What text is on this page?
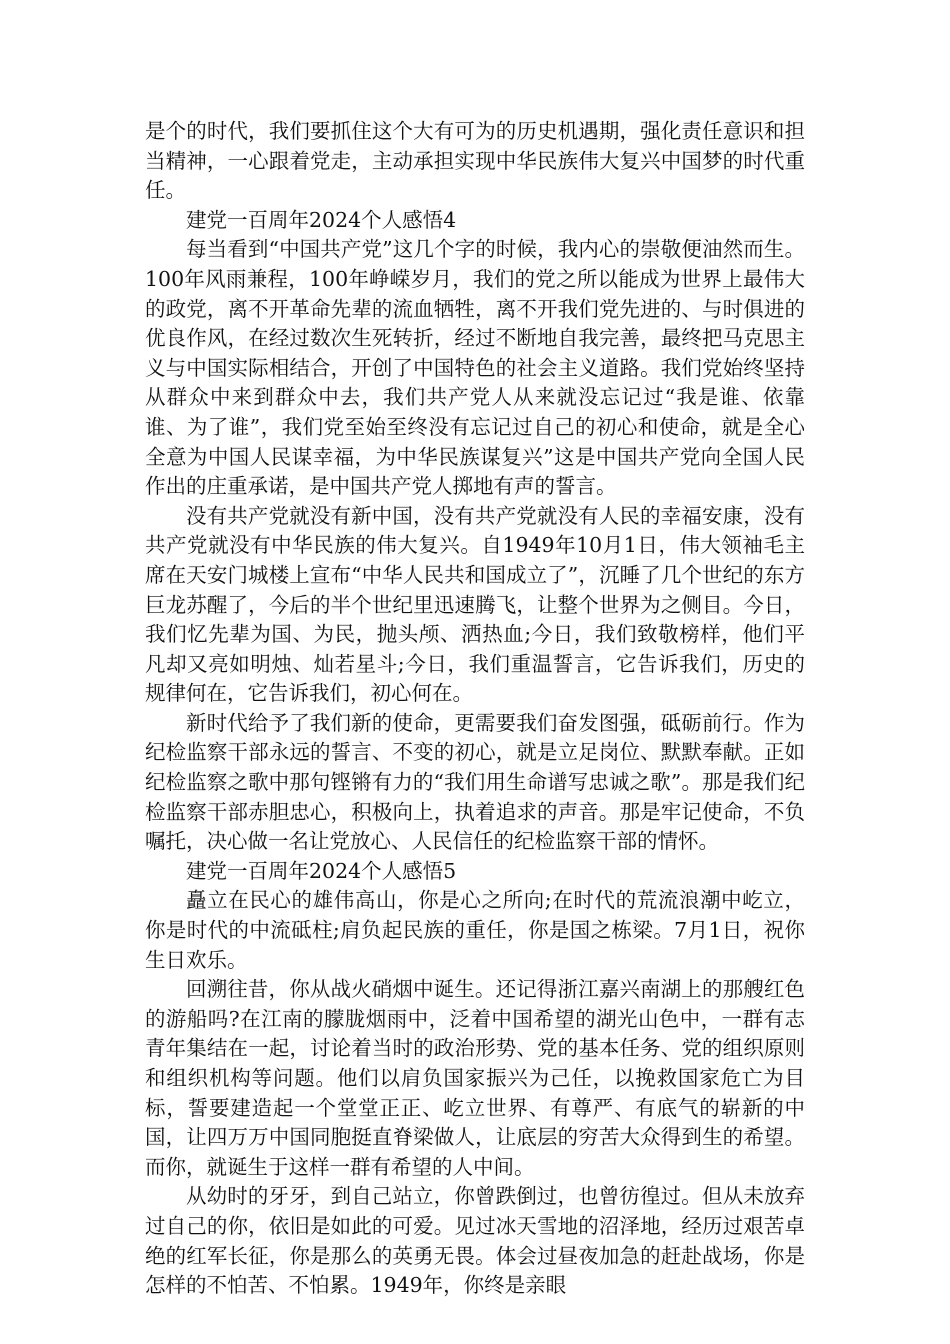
是个的时代，我们要抓住这个大有可为的历史机遇期，强化责任意识和担当精神，一心跟着党走，主动承担实现中华民族伟大复兴中国梦的时代重任。

建党一百周年2024个人感悟4

每当看到“中国共产党”这几个字的时候，我内心的崇敬便油然而生。100年风雨兼程，100年峥嵘岁月，我们的党之所以能成为世界上最伟大的政党，离不开革命先辈的流血牺牲，离不开我们党先进的、与时俱进的优良作风，在经过数次生死转折，经过不断地自我完善，最终把马克思主义与中国实际相结合，开创了中国特色的社会主义道路。我们党始终坚持从群众中来到群众中去，我们共产党人从来就没忘记过“我是谁、依靠谁、为了谁”，我们党至始至终没有忘记过自己的初心和使命，就是全心全意为中国人民谋幸福，为中华民族谋复兴”这是中国共产党向全国人民作出的庄重承诺，是中国共产党人掷地有声的誓言。

没有共产党就没有新中国，没有共产党就没有人民的幸福安康，没有共产党就没有中华民族的伟大复兴。自1949年10月1日，伟大领袖毛主席在天安门城楼上宣布“中华人民共和国成立了”，沉睡了几个世纪的东方巨龙苏醒了，今后的半个世纪里迅速腾飞，让整个世界为之侧目。今日，我们忆先辈为国、为民，抛头颅、洒热血;今日，我们致敬榜样，他们平凡却又亮如明烛、灿若星斗;今日，我们重温誓言，它告诉我们，历史的规律何在，它告诉我们，初心何在。

新时代给予了我们新的使命，更需要我们奋发图强，砥砺前行。作为纪检监察干部永远的誓言、不变的初心，就是立足岗位、默默奉献。正如纪检监察之歌中那句铿锵有力的“我们用生命谱写忠诚之歌”。那是我们纪检监察干部赤胆忠心，积极向上，执着追求的声音。那是牢记使命，不负嘱托，决心做一名让党放心、人民信任的纪检监察干部的情怀。

建党一百周年2024个人感悟5

矗立在民心的雄伟高山，你是心之所向;在时代的荒流浪潮中屹立，你是时代的中流砥柱;肩负起民族的重任，你是国之栋梁。7月1日，祝你生日欢乐。

回溯往昔，你从战火硝烟中诞生。还记得浙江嘉兴南湖上的那艘红色的游船吗?在江南的朦胧烟雨中，泛着中国希望的湖光山色中，一群有志青年集结在一起，讨论着当时的政治形势、党的基本任务、党的组织原则和组织机构等问题。他们以肩负国家振兴为己任，以挽救国家危亡为目标，誓要建造起一个堂堂正正、屹立世界、有尊严、有底气的崭新的中国，让四万万中国同胞挺直脊梁做人，让底层的穷苦大众得到生的希望。而你，就诞生于这样一群有希望的人中间。

从幼时的牙牙，到自己站立，你曾跌倒过，也曾彷徨过。但从未放弃过自己的你，依旧是如此的可爱。见过冰天雪地的沼泽地，经历过艰苦卓绝的红军长征，你是那么的英勇无畏。体会过昼夜加急的赶赴战场，你是怎样的不怕苦、不怕累。1949年，你终是亲眼
